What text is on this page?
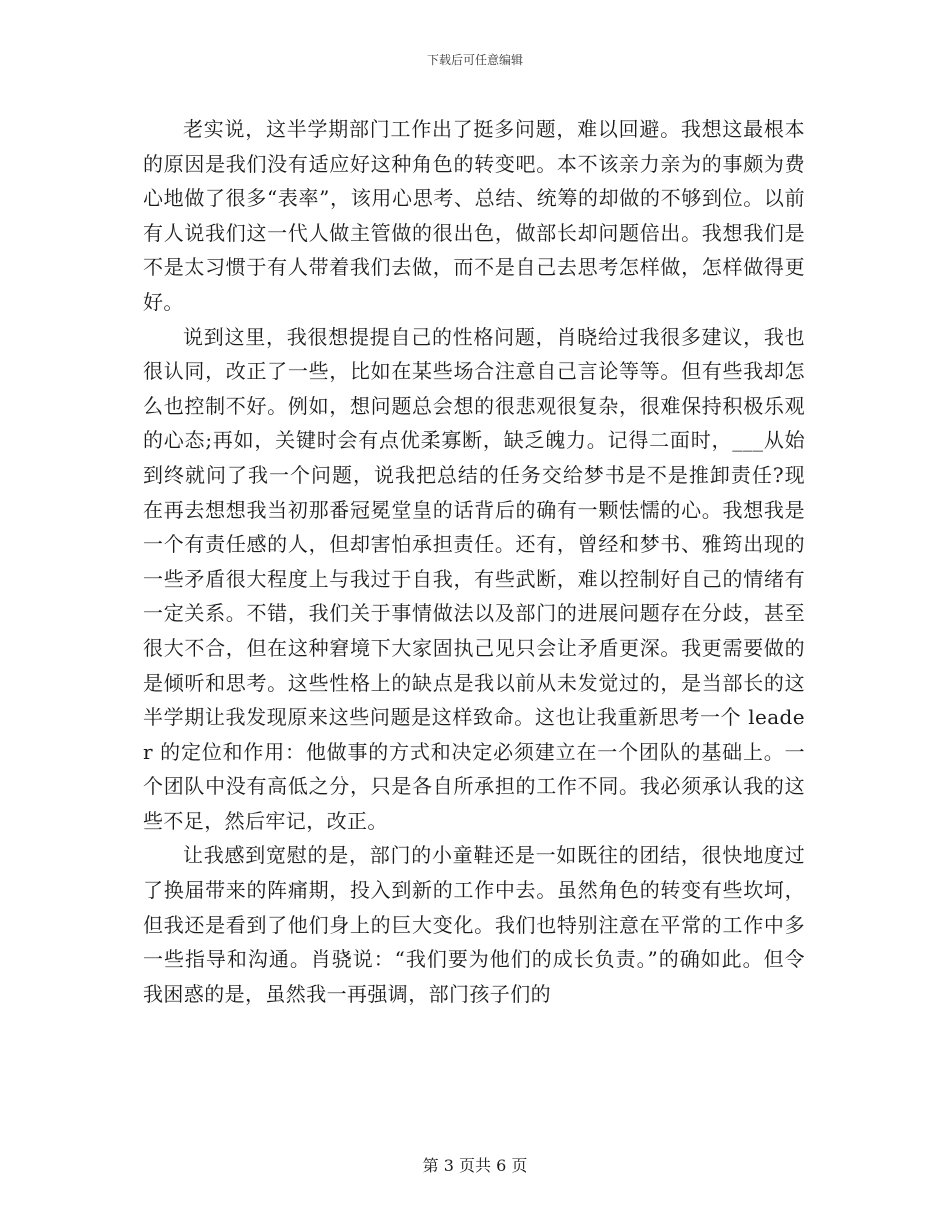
下载后可任意编辑

老实说，这半学期部门工作出了挺多问题，难以回避。我想这最根本的原因是我们没有适应好这种角色的转变吧。本不该亲力亲为的事颇为费心地做了很多“表率”，该用心思考、总结、统筹的却做的不够到位。以前有人说我们这一代人做主管做的很出色，做部长却问题倍出。我想我们是不是太习惯于有人带着我们去做，而不是自己去思考怎样做，怎样做得更好。

说到这里，我很想提提自己的性格问题，肖晓给过我很多建议，我也很认同，改正了一些，比如在某些场合注意自己言论等等。但有些我却怎么也控制不好。例如，想问题总会想的很悲观很复杂，很难保持积极乐观的心态;再如，关键时会有点优柔寡断，缺乏魄力。记得二面时，___从始到终就问了我一个问题，说我把总结的任务交给梦书是不是推卸责任?现在再去想想我当初那番冠冕堂皇的话背后的确有一颗怯懦的心。我想我是一个有责任感的人，但却害怕承担责任。还有，曾经和梦书、雅筠出现的一些矛盾很大程度上与我过于自我，有些武断，难以控制好自己的情绪有一定关系。不错，我们关于事情做法以及部门的进展问题存在分歧，甚至很大不合，但在这种窘境下大家固执己见只会让矛盾更深。我更需要做的是倾听和思考。这些性格上的缺点是我以前从未发觉过的，是当部长的这半学期让我发现原来这些问题是这样致命。这也让我重新思考一个 leader 的定位和作用：他做事的方式和决定必须建立在一个团队的基础上。一个团队中没有高低之分，只是各自所承担的工作不同。我必须承认我的这些不足，然后牢记，改正。

让我感到宽慰的是，部门的小童鞋还是一如既往的团结，很快地度过了换届带来的阵痛期，投入到新的工作中去。虽然角色的转变有些坎坷，但我还是看到了他们身上的巨大变化。我们也特别注意在平常的工作中多一些指导和沟通。肖骁说：“我们要为他们的成长负责。”的确如此。但令我困惑的是，虽然我一再强调，部门孩子们的

第 3 页共 6 页
